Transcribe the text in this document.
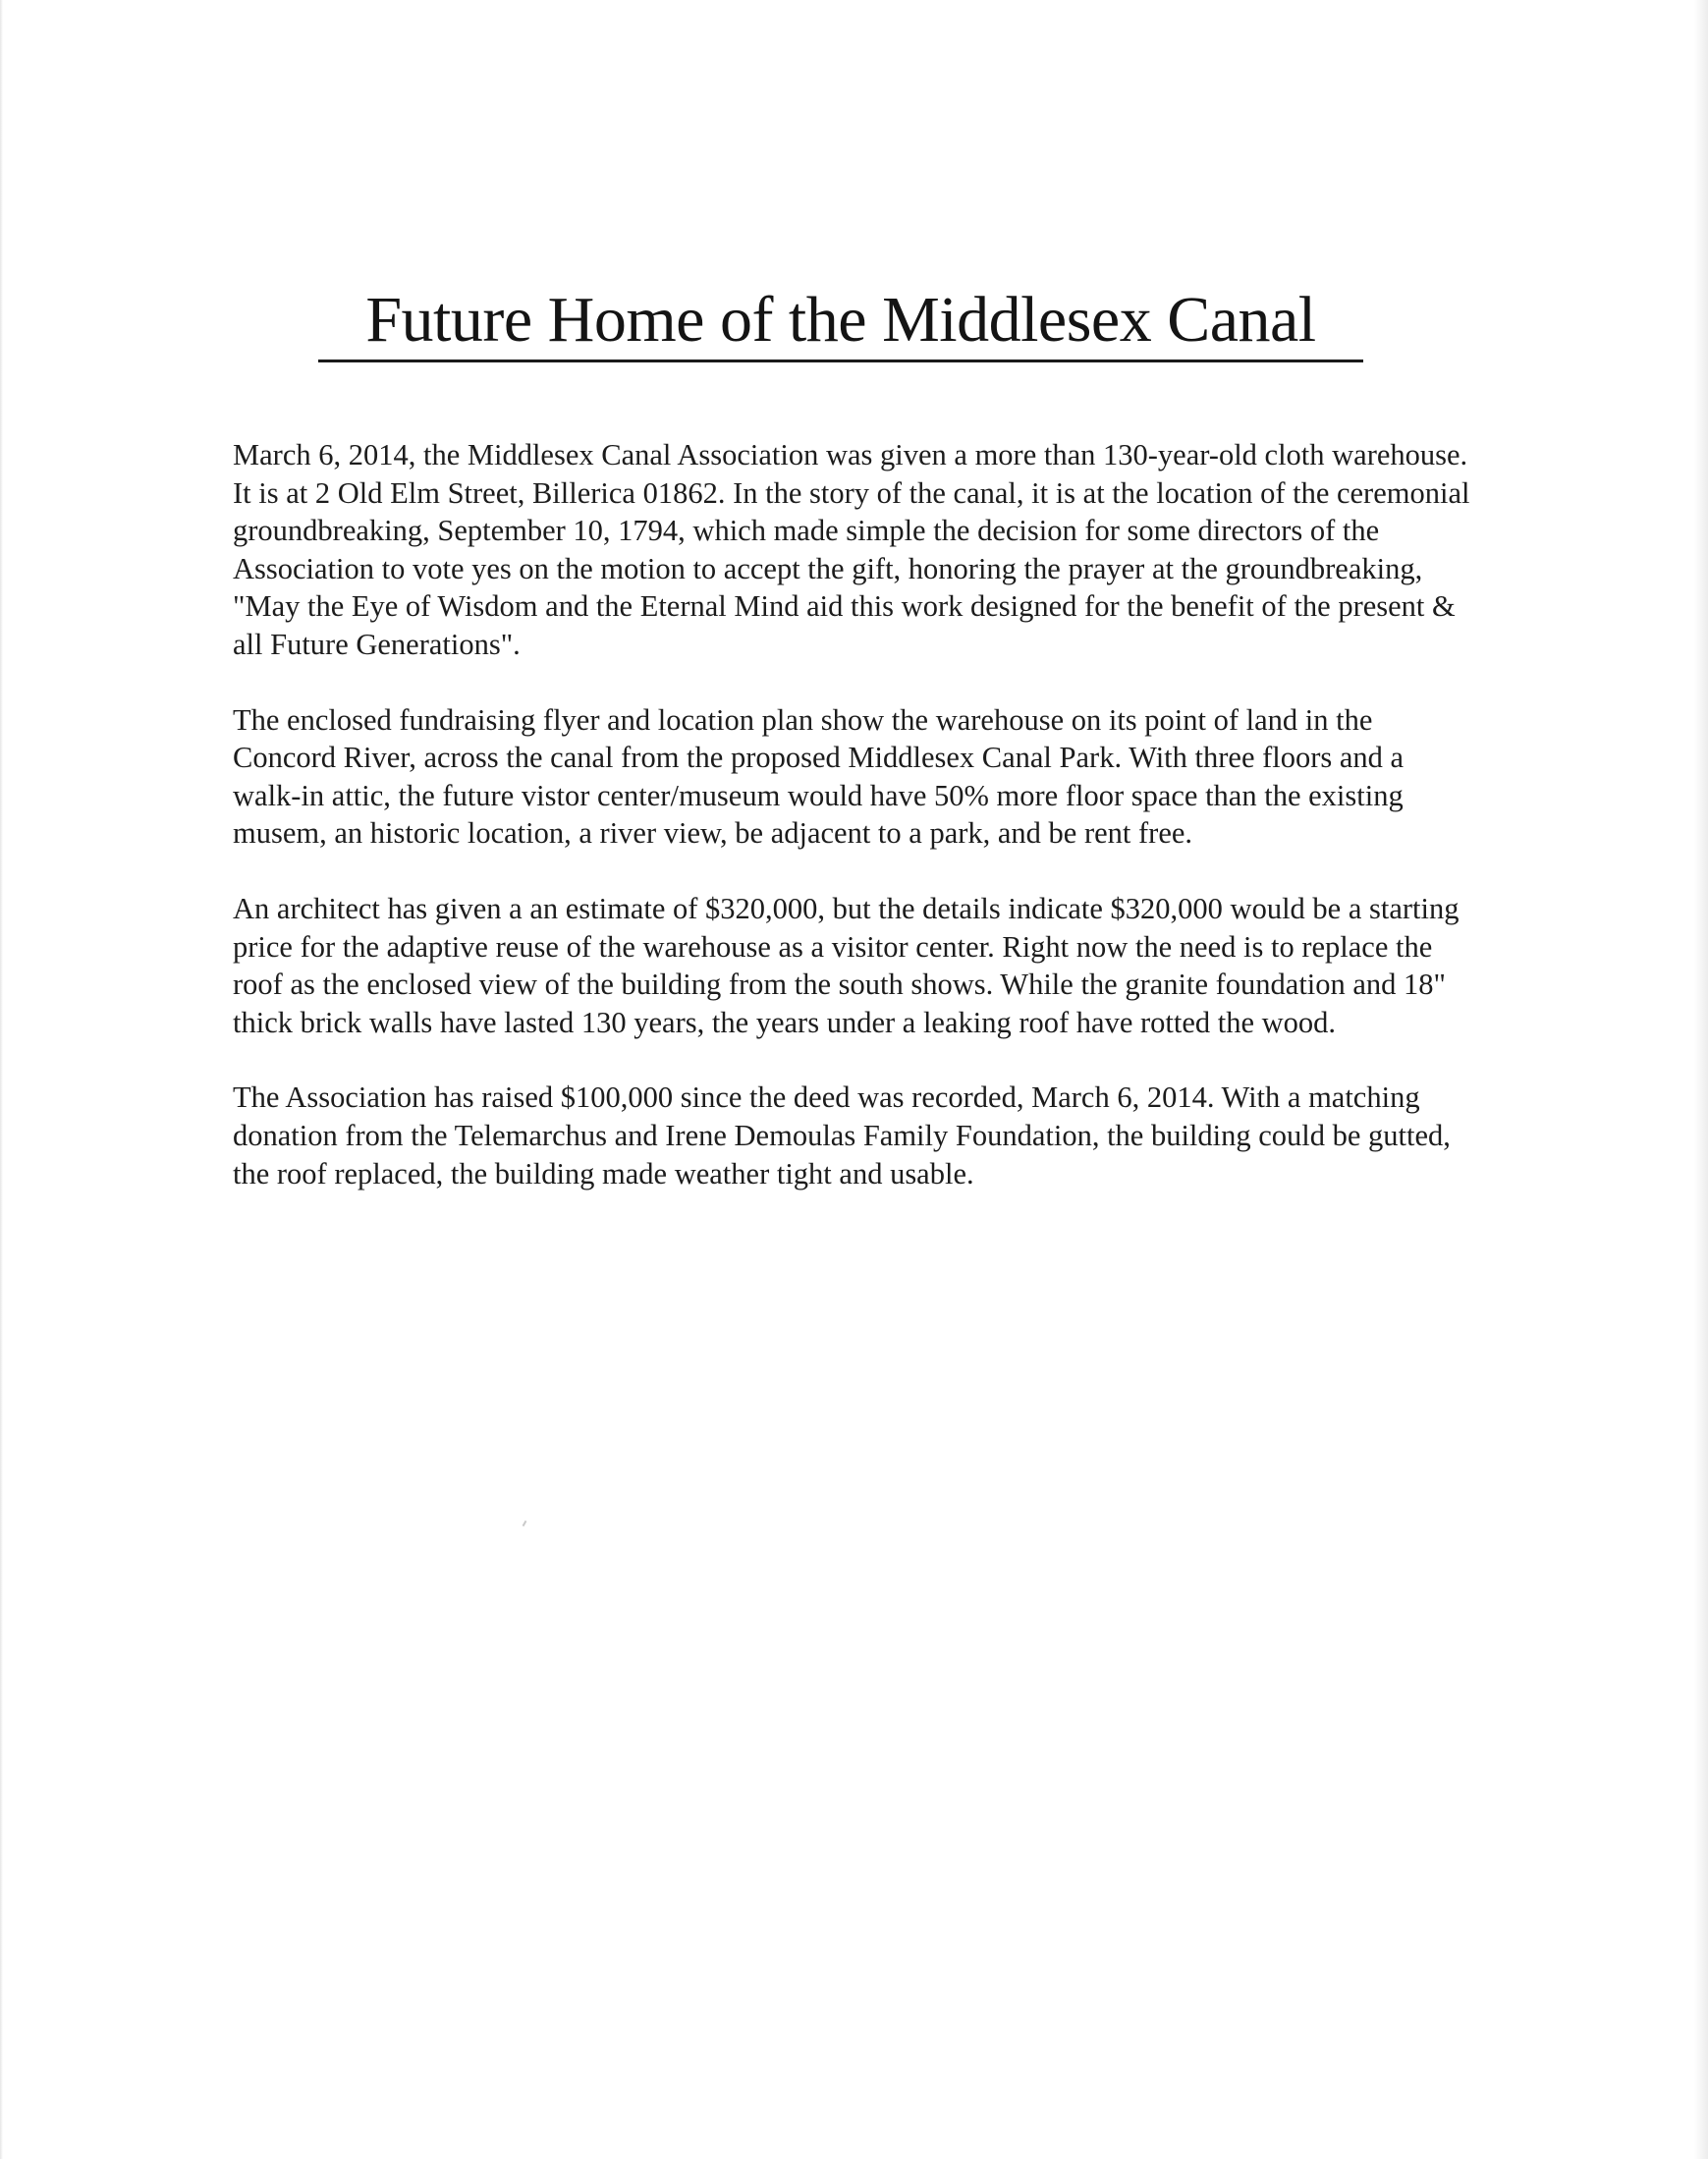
Future Home of the Middlesex Canal

March 6, 2014, the Middlesex Canal Association was given a more than 130-year-old cloth warehouse. It is at 2 Old Elm Street, Billerica 01862. In the story of the canal, it is at the location of the ceremonial groundbreaking, September 10, 1794, which made simple the decision for some directors of the Association to vote yes on the motion to accept the gift, honoring the prayer at the groundbreaking, "May the Eye of Wisdom and the Eternal Mind aid this work designed for the benefit of the present & all Future Generations".

The enclosed fundraising flyer and location plan show the warehouse on its point of land in the Concord River, across the canal from the proposed Middlesex Canal Park. With three floors and a walk-in attic, the future vistor center/museum would have 50% more floor space than the existing musem, an historic location, a river view, be adjacent to a park, and be rent free.

An architect has given a an estimate of $320,000, but the details indicate $320,000 would be a starting price for the adaptive reuse of the warehouse as a visitor center. Right now the need is to replace the roof as the enclosed view of the building from the south shows. While the granite foundation and 18" thick brick walls have lasted 130 years, the years under a leaking roof have rotted the wood.

The Association has raised $100,000 since the deed was recorded, March 6, 2014. With a matching donation from the Telemarchus and Irene Demoulas Family Foundation, the building could be gutted, the roof replaced, the building made weather tight and usable.
